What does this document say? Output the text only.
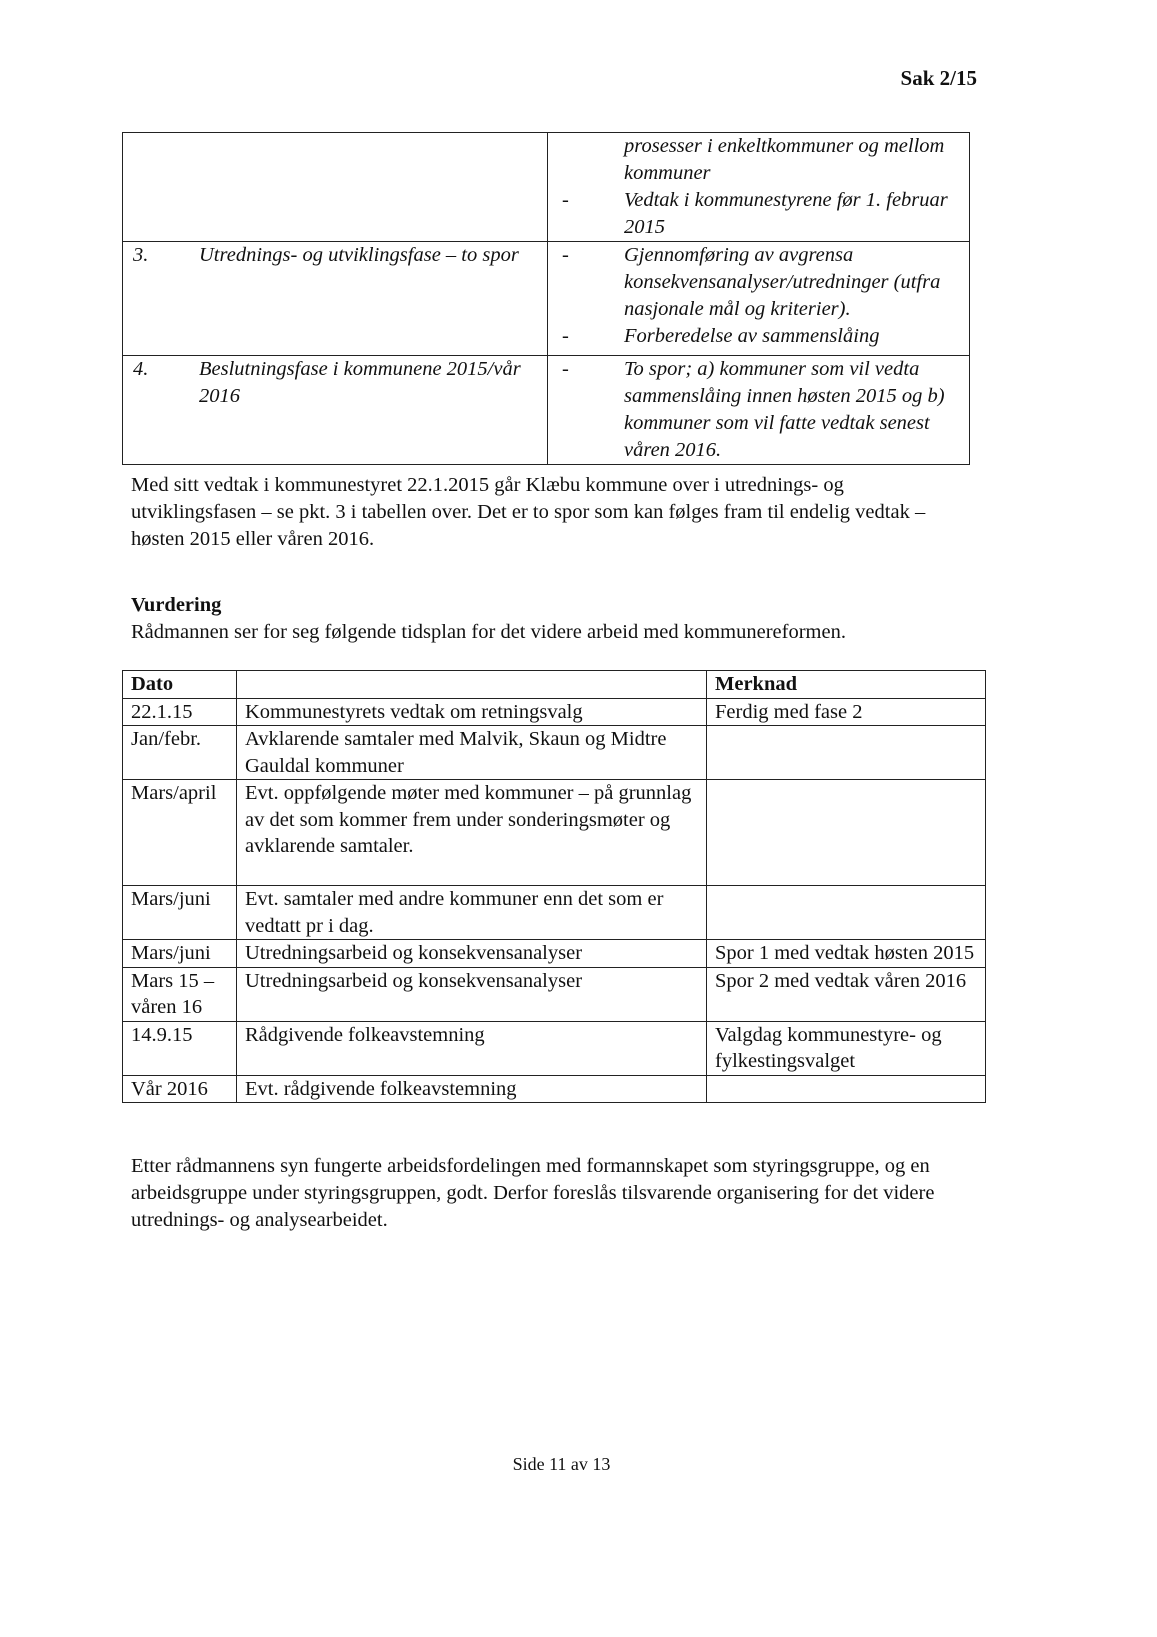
Sak 2/15

	prosesser i enkeltkommuner og mellom kommuner
- Vedtak i kommunestyrene før 1. februar 2015

3.	Utrednings- og utviklingsfase – to spor	-	Gjennomføring av avgrensa konsekvensanalyser/utredninger (utfra nasjonale mål og kriterier).
-	Forberedelse av sammenslåing

4. Beslutningsfase i kommunene 2015/vår 2016	- To spor; a) kommuner som vil vedta sammenslåing innen høsten 2015 og b) kommuner som vil fatte vedtak senest våren 2016.

Med sitt vedtak i kommunestyret 22.1.2015 går Klæbu kommune over i utrednings- og utviklingsfasen – se pkt. 3 i tabellen over. Det er to spor som kan følges fram til endelig vedtak – høsten 2015 eller våren 2016.

Vurdering
Rådmannen ser for seg følgende tidsplan for det videre arbeid med kommunereformen.
Dato		Merknad
22.1.15	Kommunestyrets vedtak om retningsvalg	Ferdig med fase 2
Jan/febr.	Avklarende samtaler med Malvik, Skaun og Midtre Gauldal kommuner	
Mars/april	Evt. oppfølgende møter med kommuner – på grunnlag av det som kommer frem under sonderingsmøter og avklarende samtaler.	
Mars/juni	Evt. samtaler med andre kommuner enn det som er vedtatt pr i dag.	
Mars/juni	Utredningsarbeid og konsekvensanalyser	Spor 1 med vedtak høsten 2015
Mars 15 – våren 16	Utredningsarbeid og konsekvensanalyser	Spor 2 med vedtak våren 2016
14.9.15	Rådgivende folkeavstemning	Valgdag kommunestyre- og fylkestingsvalget
Vår 2016	Evt. rådgivende folkeavstemning	

Etter rådmannens syn fungerte arbeidsfordelingen med formannskapet som styringsgruppe, og en arbeidsgruppe under styringsgruppen, godt. Derfor foreslås tilsvarende organisering for det videre utrednings- og analysearbeidet.

Side 11 av 13
